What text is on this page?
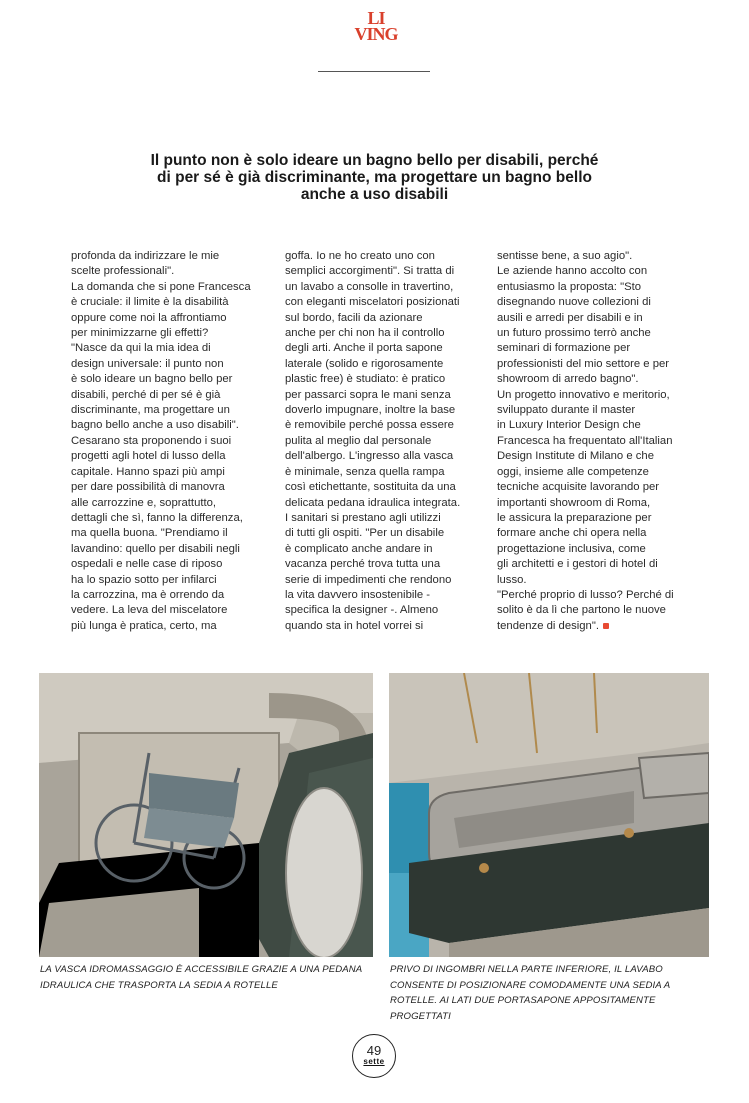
LI
VING
Il punto non è solo ideare un bagno bello per disabili, perché di per sé è già discriminante, ma progettare un bagno bello anche a uso disabili

profonda da indirizzare le mie
scelte professionali".
La domanda che si pone Francesca
è cruciale: il limite è la disabilità
oppure come noi la affrontiamo
per minimizzarne gli effetti?
"Nasce da qui la mia idea di
design universale: il punto non
è solo ideare un bagno bello per
disabili, perché di per sé è già
discriminante, ma progettare un
bagno bello anche a uso disabili".
Cesarano sta proponendo i suoi
progetti agli hotel di lusso della
capitale. Hanno spazi più ampi
per dare possibilità di manovra
alle carrozzine e, soprattutto,
dettagli che sì, fanno la differenza,
ma quella buona. "Prendiamo il
lavandino: quello per disabili negli
ospedali e nelle case di riposo
ha lo spazio sotto per infilarci
la carrozzina, ma è orrendo da
vedere. La leva del miscelatore
più lunga è pratica, certo, ma

goffa. Io ne ho creato uno con
semplici accorgimenti". Si tratta di
un lavabo a consolle in travertino,
con eleganti miscelatori posizionati
sul bordo, facili da azionare
anche per chi non ha il controllo
degli arti. Anche il porta sapone
laterale (solido e rigorosamente
plastic free) è studiato: è pratico
per passarci sopra le mani senza
doverlo impugnare, inoltre la base
è removibile perché possa essere
pulita al meglio dal personale
dell'albergo. L'ingresso alla vasca
è minimale, senza quella rampa
così etichettante, sostituita da una
delicata pedana idraulica integrata.
I sanitari si prestano agli utilizzi
di tutti gli ospiti. "Per un disabile
è complicato anche andare in
vacanza perché trova tutta una
serie di impedimenti che rendono
la vita davvero insostenibile -
specifica la designer -. Almeno
quando sta in hotel vorrei si

sentisse bene, a suo agio".
Le aziende hanno accolto con
entusiasmo la proposta: "Sto
disegnando nuove collezioni di
ausili e arredi per disabili e in
un futuro prossimo terrò anche
seminari di formazione per
professionisti del mio settore e per
showroom di arredo bagno".
Un progetto innovativo e meritorio,
sviluppato durante il master
in Luxury Interior Design che
Francesca ha frequentato all'Italian
Design Institute di Milano e che
oggi, insieme alle competenze
tecniche acquisite lavorando per
importanti showroom di Roma,
le assicura la preparazione per
formare anche chi opera nella
progettazione inclusiva, come
gli architetti e i gestori di hotel di
lusso.
"Perché proprio di lusso? Perché di
solito è da lì che partono le nuove
tendenze di design".

LA VASCA IDROMASSAGGIO È ACCESSIBILE GRAZIE A UNA PEDANA IDRAULICA CHE TRASPORTA LA SEDIA A ROTELLE
PRIVO DI INGOMBRI NELLA PARTE INFERIORE, IL LAVABO CONSENTE DI POSIZIONARE COMODAMENTE UNA SEDIA A ROTELLE. AI LATI DUE PORTASAPONE APPOSITAMENTE PROGETTATI
49
sette
